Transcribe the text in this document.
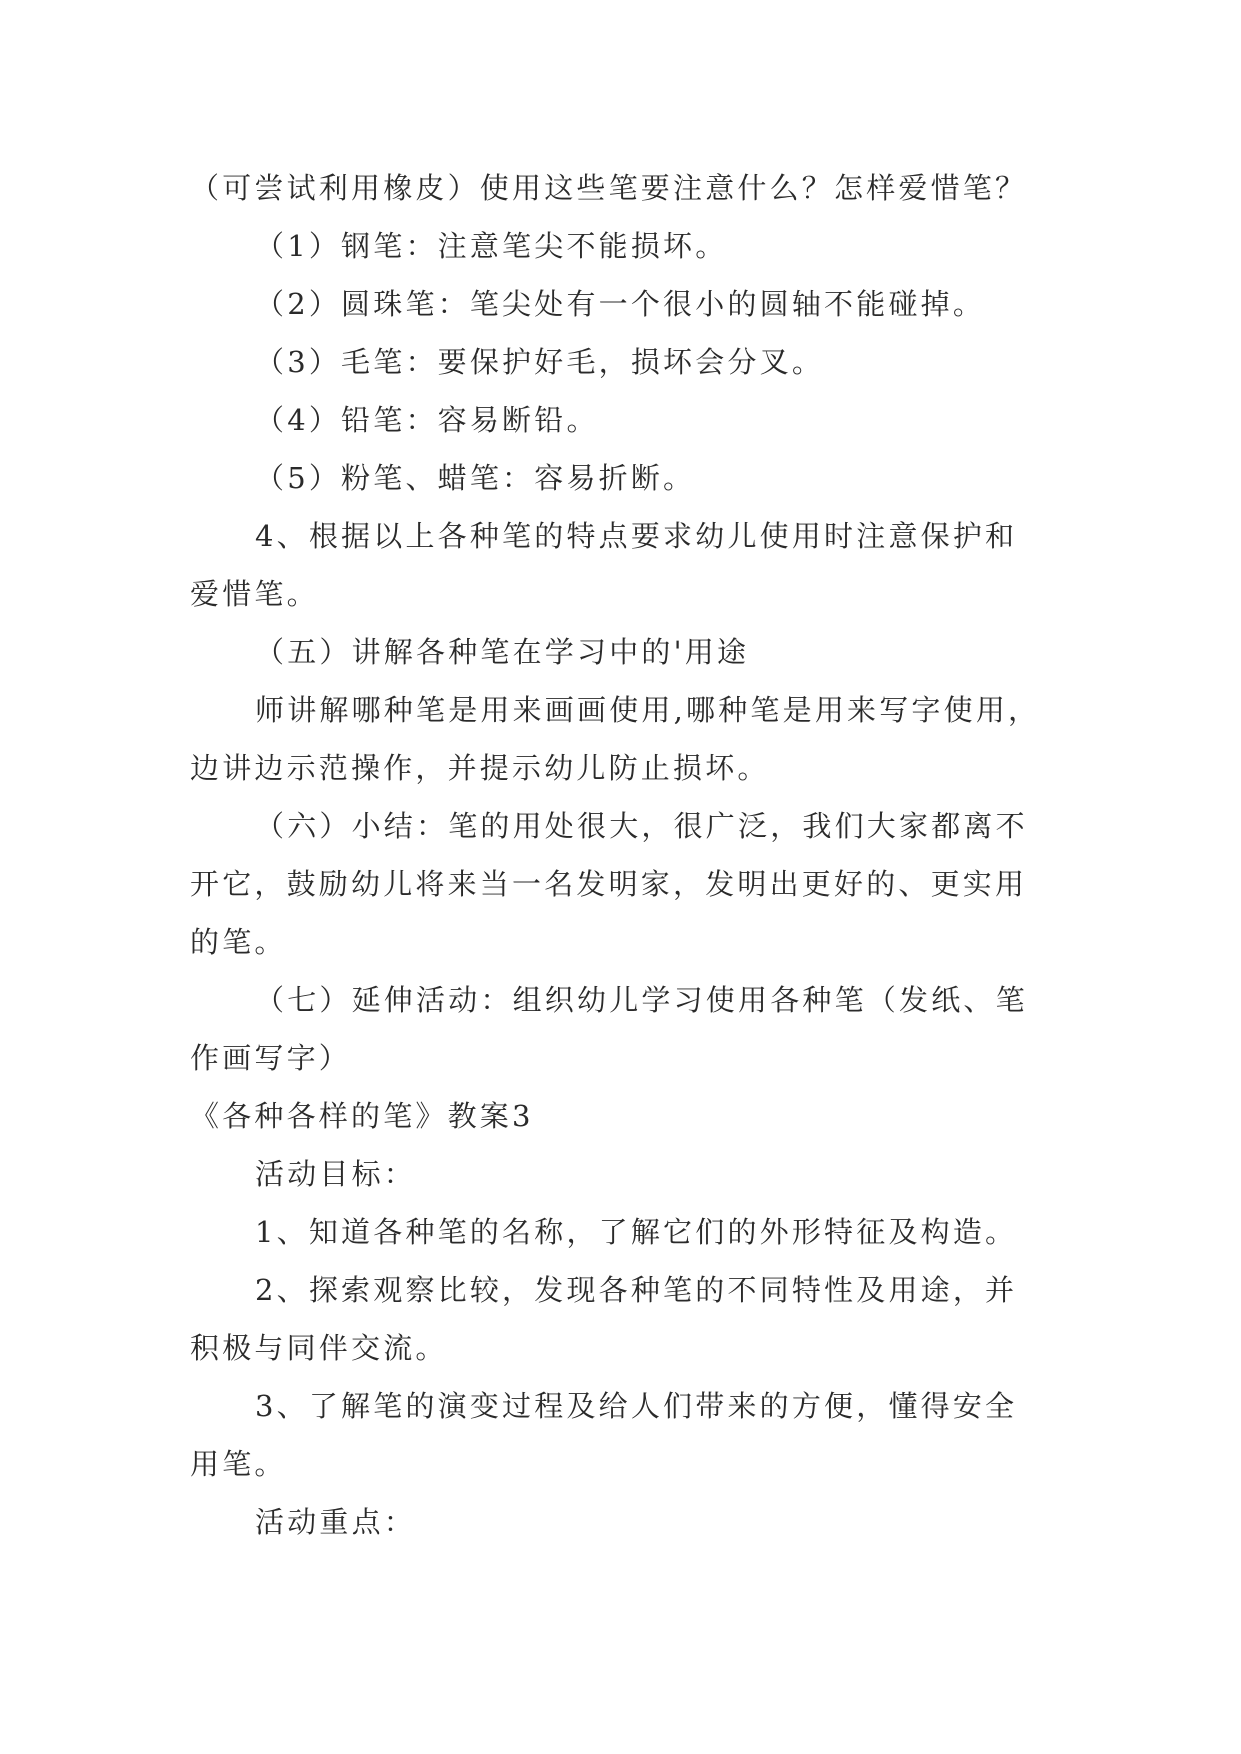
（可尝试利用橡皮）使用这些笔要注意什么？怎样爱惜笔？

（1）钢笔：注意笔尖不能损坏。

（2）圆珠笔：笔尖处有一个很小的圆轴不能碰掉。

（3）毛笔：要保护好毛，损坏会分叉。

（4）铅笔：容易断铅。

（5）粉笔、蜡笔：容易折断。

4、根据以上各种笔的特点要求幼儿使用时注意保护和

爱惜笔。

（五）讲解各种笔在学习中的'用途

师讲解哪种笔是用来画画使用,哪种笔是用来写字使用，

边讲边示范操作，并提示幼儿防止损坏。

（六）小结：笔的用处很大，很广泛，我们大家都离不

开它，鼓励幼儿将来当一名发明家，发明出更好的、更实用

的笔。

（七）延伸活动：组织幼儿学习使用各种笔（发纸、笔

作画写字）

《各种各样的笔》教案3

活动目标：

1、知道各种笔的名称，了解它们的外形特征及构造。

2、探索观察比较，发现各种笔的不同特性及用途，并

积极与同伴交流。

3、了解笔的演变过程及给人们带来的方便，懂得安全

用笔。

活动重点：
